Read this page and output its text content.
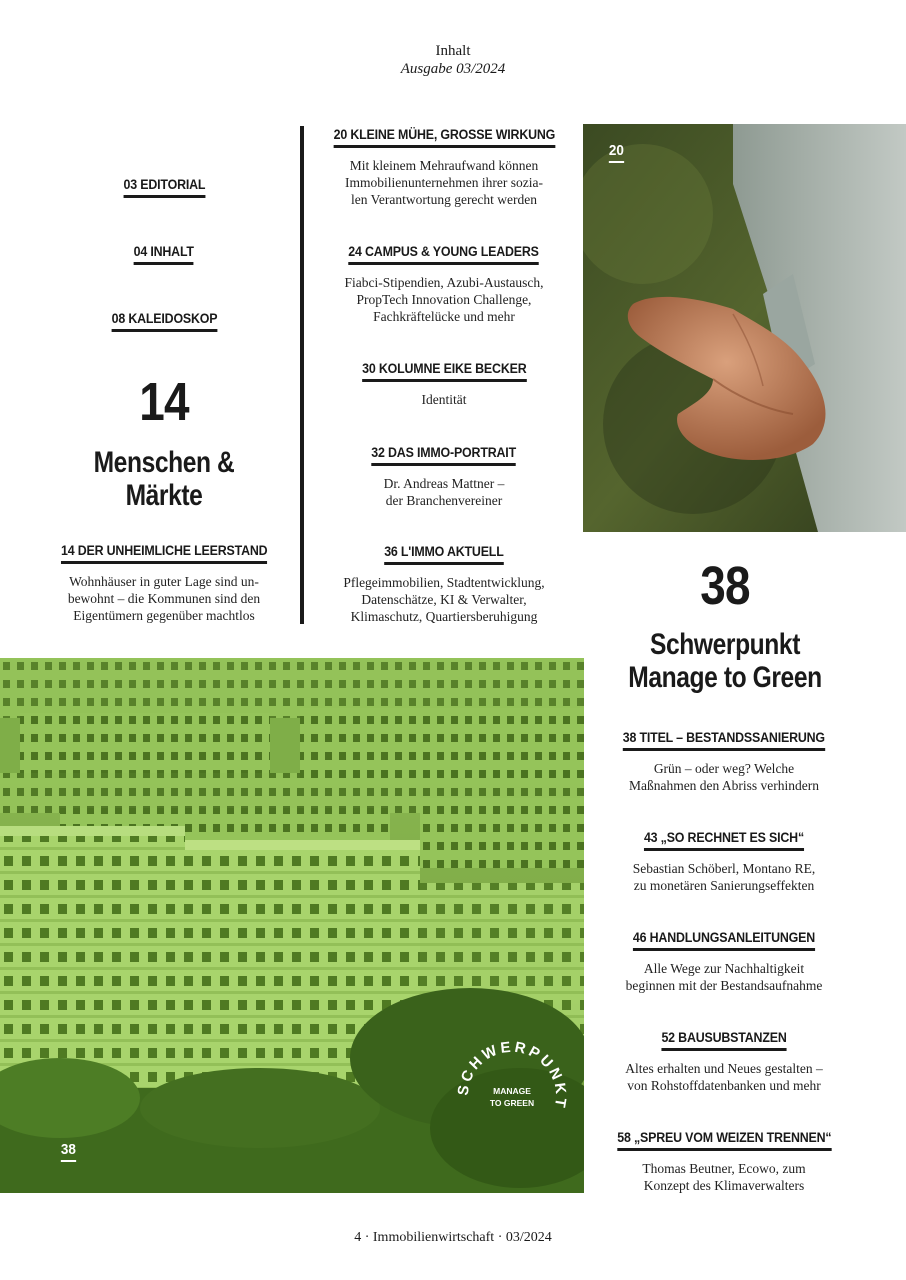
Inhalt
Ausgabe 03/2024
03 EDITORIAL
04 INHALT
08 KALEIDOSKOP
14
Menschen &
Märkte
14 DER UNHEIMLICHE LEERSTAND
Wohnhäuser in guter Lage sind un-
bewohnt – die Kommunen sind den
Eigentümern gegenüber machtlos
20 KLEINE MÜHE, GROSSE WIRKUNG
Mit kleinem Mehraufwand können
Immobilienunternehmen ihrer sozia-
len Verantwortung gerecht werden
24 CAMPUS & YOUNG LEADERS
Fiabci-Stipendien, Azubi-Austausch,
PropTech Innovation Challenge,
Fachkräftelücke und mehr
30 KOLUMNE EIKE BECKER
Identität
32 DAS IMMO-PORTRAIT
Dr. Andreas Mattner –
der Branchenvereiner
36 L'IMMO AKTUELL
Pflegeimmobilien, Stadtentwicklung,
Datenschätze, KI & Verwalter,
Klimaschutz, Quartiersberuhigung
20
38
Schwerpunkt
Manage to Green
38 TITEL – BESTANDSSANIERUNG
Grün – oder weg? Welche
Maßnahmen den Abriss verhindern
43 „SO RECHNET ES SICH“
Sebastian Schöberl, Montano RE,
zu monetären Sanierungseffekten
46 HANDLUNGSANLEITUNGEN
Alle Wege zur Nachhaltigkeit
beginnen mit der Bestandsaufnahme
52 BAUSUBSTANZEN
Altes erhalten und Neues gestalten –
von Rohstoffdatenbanken und mehr
58 „SPREU VOM WEIZEN TRENNEN“
Thomas Beutner, Ecowo, zum
Konzept des Klimaverwalters
SCHWERPUNKT
MANAGE
TO GREEN
38
4 · Immobilienwirtschaft · 03/2024
